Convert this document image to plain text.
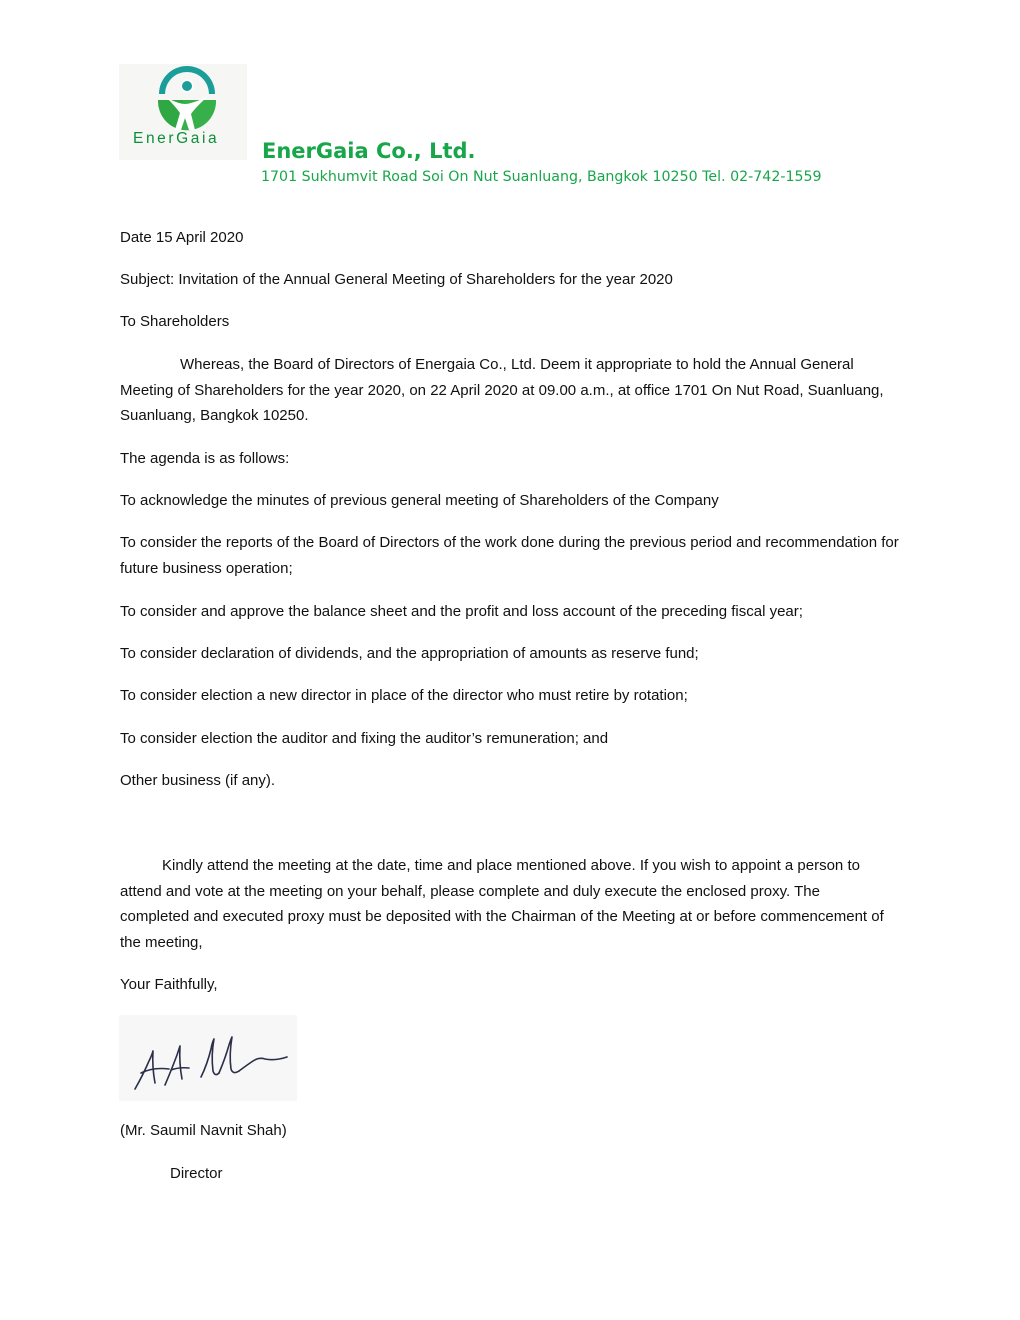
EnerGaia
EnerGaia Co., Ltd.
1701 Sukhumvit Road Soi On Nut Suanluang, Bangkok 10250 Tel. 02-742-1559
Date 15 April 2020
Subject: Invitation of the Annual General Meeting of Shareholders for the year 2020
To Shareholders
Whereas, the Board of Directors of Energaia Co., Ltd. Deem it appropriate to hold the Annual General Meeting of Shareholders for the year 2020, on 22 April 2020 at 09.00 a.m., at office 1701 On Nut Road, Suanluang, Suanluang, Bangkok 10250.
The agenda is as follows:
To acknowledge the minutes of previous general meeting of Shareholders of the Company
To consider the reports of the Board of Directors of the work done during the previous period and recommendation for future business operation;
To consider and approve the balance sheet and the profit and loss account of the preceding fiscal year;
To consider declaration of dividends, and the appropriation of amounts as reserve fund;
To consider election a new director in place of the director who must retire by rotation;
To consider election the auditor and fixing the auditor’s remuneration; and
Other business (if any).
Kindly attend the meeting at the date, time and place mentioned above. If you wish to appoint a person to attend and vote at the meeting on your behalf, please complete and duly execute the enclosed proxy. The completed and executed proxy must be deposited with the Chairman of the Meeting at or before commencement of the meeting,
Your Faithfully,
(Mr. Saumil Navnit Shah)
Director
